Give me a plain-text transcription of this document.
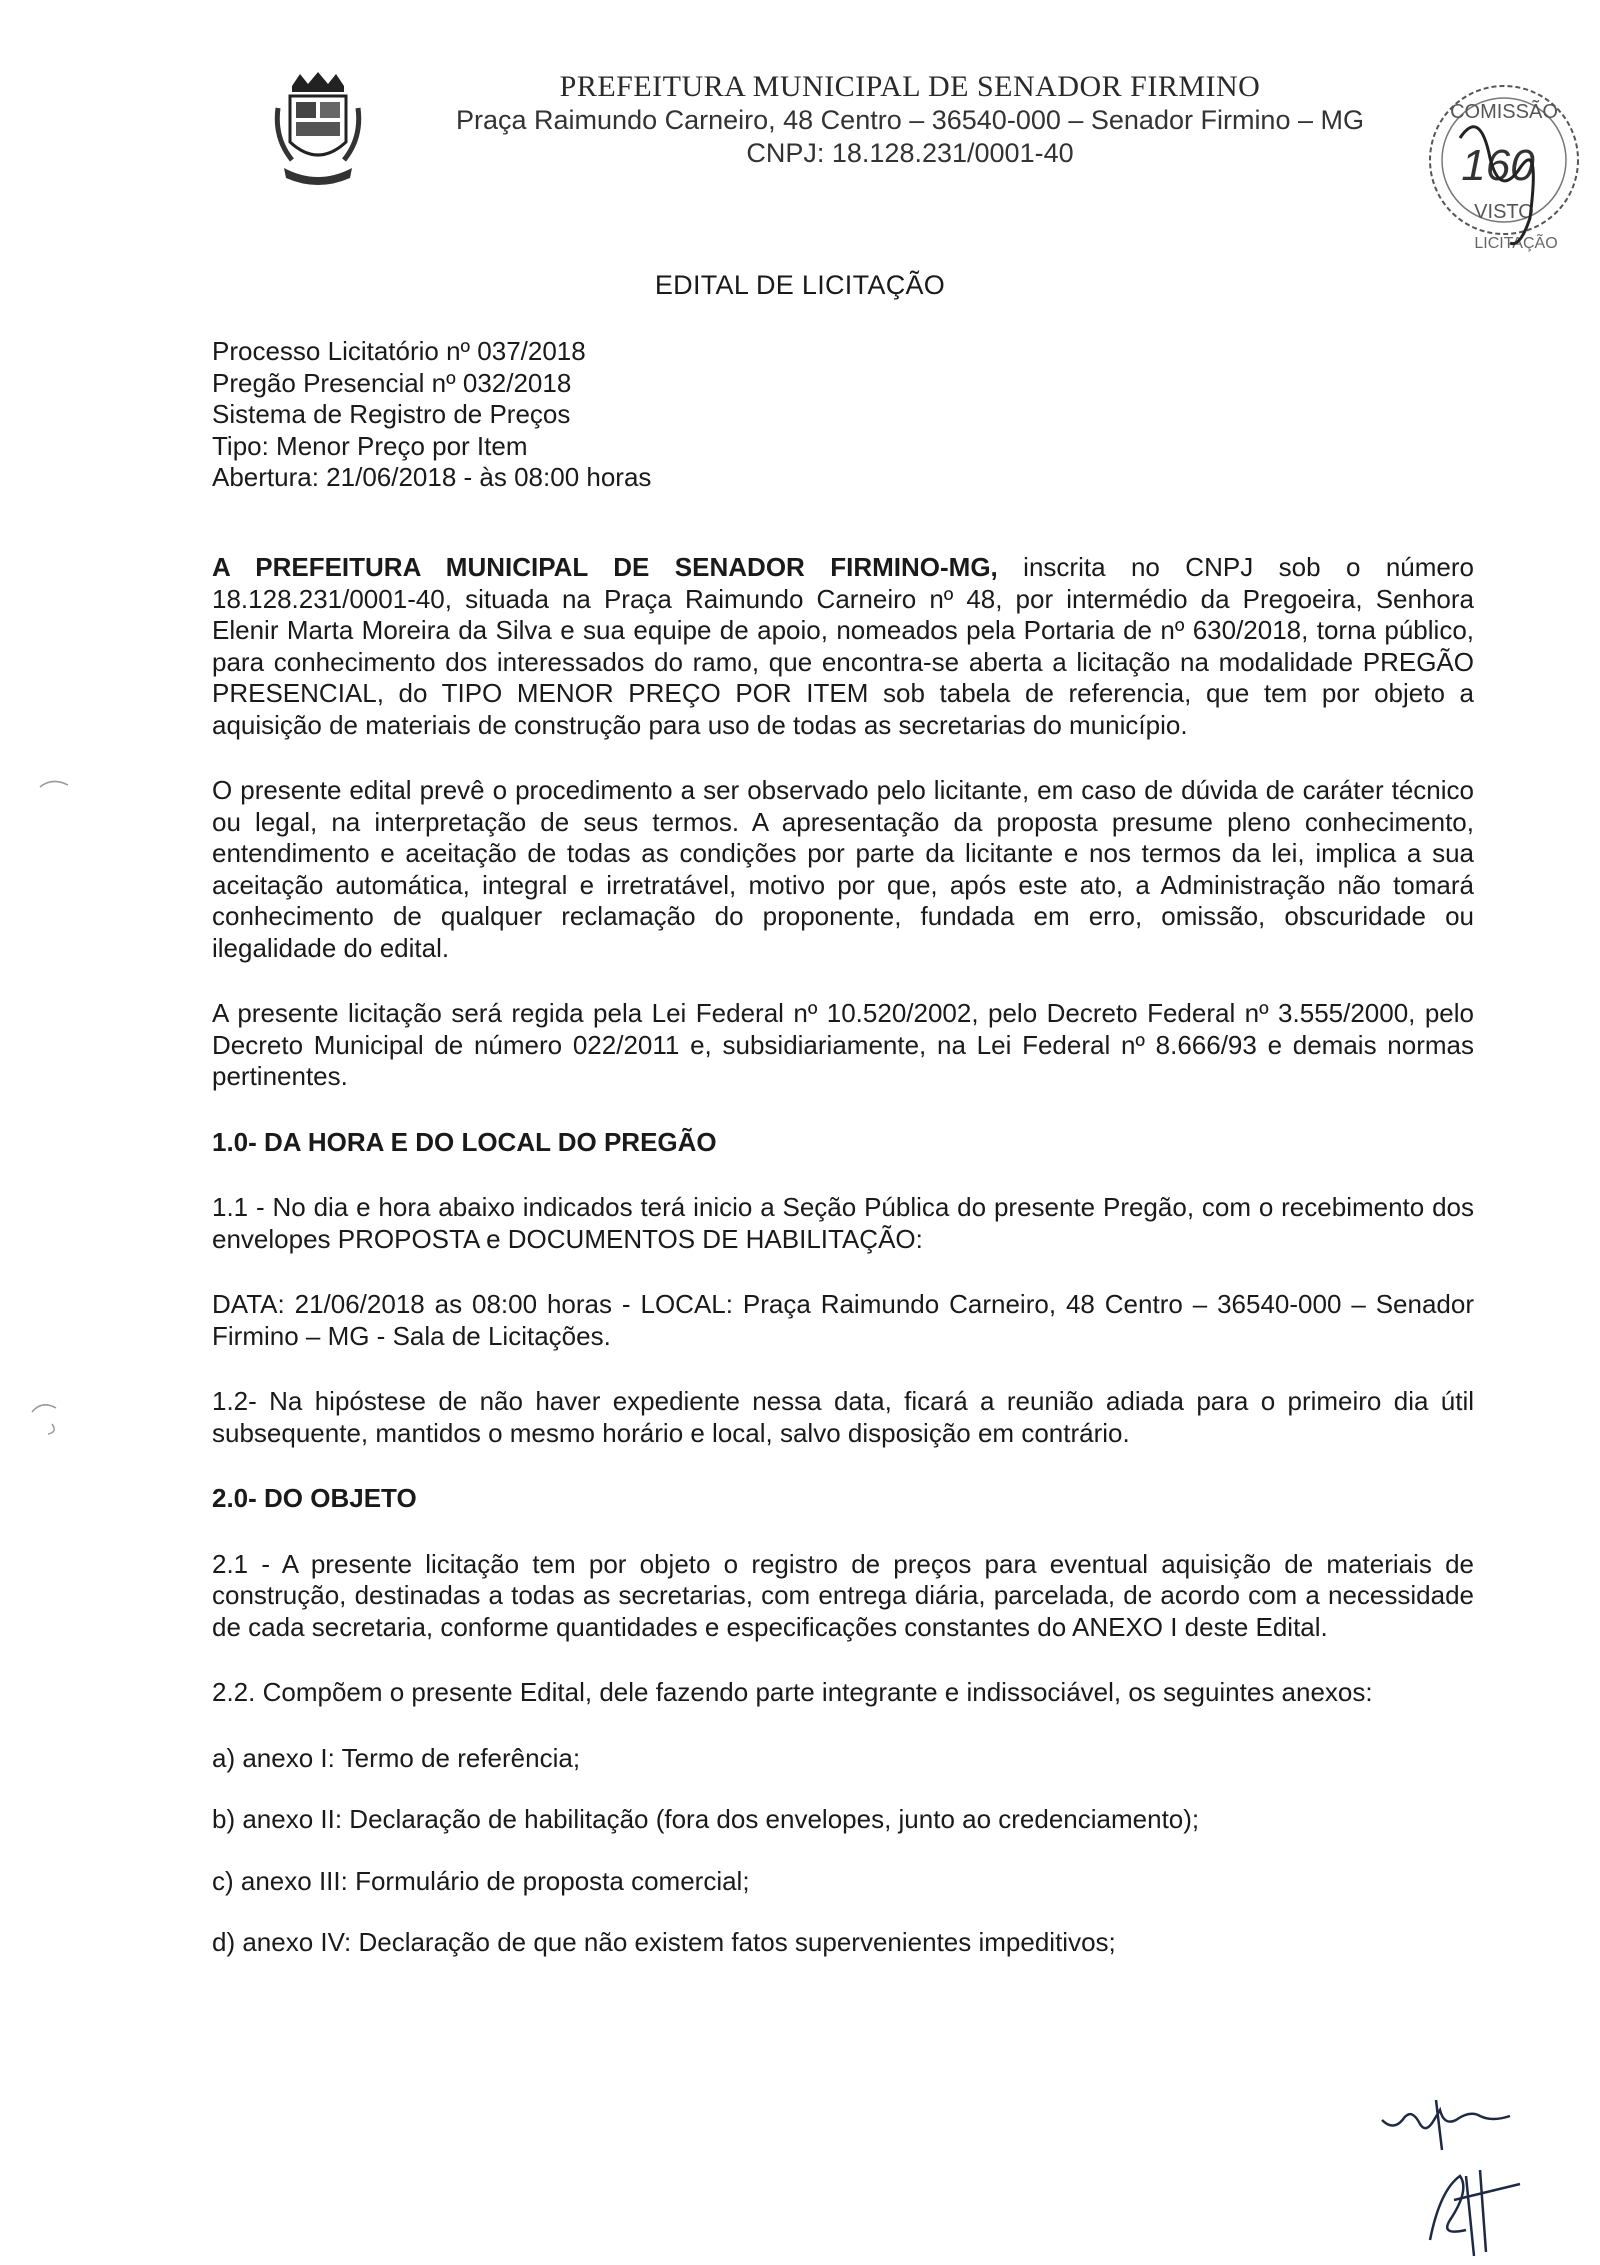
PREFEITURA MUNICIPAL DE SENADOR FIRMINO
Praça Raimundo Carneiro, 48 Centro – 36540-000 – Senador Firmino – MG
CNPJ: 18.128.231/0001-40
COMISSÃO
160
VISTO
LICITAÇÃO
EDITAL DE LICITAÇÃO
Processo Licitatório nº 037/2018
Pregão Presencial nº 032/2018
Sistema de Registro de Preços
Tipo: Menor Preço por Item
Abertura: 21/06/2018 - às 08:00 horas

A PREFEITURA MUNICIPAL DE SENADOR FIRMINO-MG, inscrita no CNPJ sob o número 18.128.231/0001-40, situada na Praça Raimundo Carneiro nº 48, por intermédio da Pregoeira, Senhora Elenir Marta Moreira da Silva e sua equipe de apoio, nomeados pela Portaria de nº 630/2018, torna público, para conhecimento dos interessados do ramo, que encontra-se aberta a licitação na modalidade PREGÃO PRESENCIAL, do TIPO MENOR PREÇO POR ITEM sob tabela de referencia, que tem por objeto a aquisição de materiais de construção para uso de todas as secretarias do município.

O presente edital prevê o procedimento a ser observado pelo licitante, em caso de dúvida de caráter técnico ou legal, na interpretação de seus termos. A apresentação da proposta presume pleno conhecimento, entendimento e aceitação de todas as condições por parte da licitante e nos termos da lei, implica a sua aceitação automática, integral e irretratável, motivo por que, após este ato, a Administração não tomará conhecimento de qualquer reclamação do proponente, fundada em erro, omissão, obscuridade ou ilegalidade do edital.

A presente licitação será regida pela Lei Federal nº 10.520/2002, pelo Decreto Federal nº 3.555/2000, pelo Decreto Municipal de número 022/2011 e, subsidiariamente, na Lei Federal nº 8.666/93 e demais normas pertinentes.

1.0- DA HORA E DO LOCAL DO PREGÃO

1.1 - No dia e hora abaixo indicados terá inicio a Seção Pública do presente Pregão, com o recebimento dos envelopes PROPOSTA e DOCUMENTOS DE HABILITAÇÃO:

DATA: 21/06/2018 as 08:00 horas - LOCAL: Praça Raimundo Carneiro, 48 Centro – 36540-000 – Senador Firmino – MG - Sala de Licitações.

1.2- Na hipóstese de não haver expediente nessa data, ficará a reunião adiada para o primeiro dia útil subsequente, mantidos o mesmo horário e local, salvo disposição em contrário.

2.0- DO OBJETO

2.1 - A presente licitação tem por objeto o registro de preços para eventual aquisição de materiais de construção, destinadas a todas as secretarias, com entrega diária, parcelada, de acordo com a necessidade de cada secretaria, conforme quantidades e especificações constantes do ANEXO I deste Edital.

2.2. Compõem o presente Edital, dele fazendo parte integrante e indissociável, os seguintes anexos:

a) anexo I: Termo de referência;

b) anexo II: Declaração de habilitação (fora dos envelopes, junto ao credenciamento);

c) anexo III: Formulário de proposta comercial;

d) anexo IV: Declaração de que não existem fatos supervenientes impeditivos;
